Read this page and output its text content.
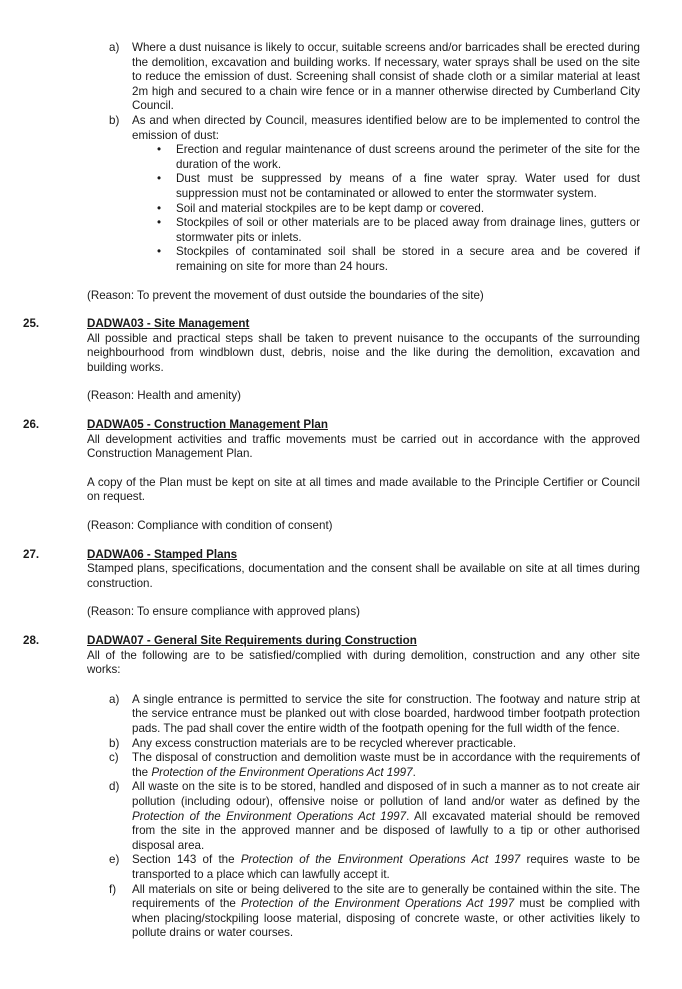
a) Where a dust nuisance is likely to occur, suitable screens and/or barricades shall be erected during the demolition, excavation and building works. If necessary, water sprays shall be used on the site to reduce the emission of dust. Screening shall consist of shade cloth or a similar material at least 2m high and secured to a chain wire fence or in a manner otherwise directed by Cumberland City Council.
b) As and when directed by Council, measures identified below are to be implemented to control the emission of dust:
• Erection and regular maintenance of dust screens around the perimeter of the site for the duration of the work.
• Dust must be suppressed by means of a fine water spray. Water used for dust suppression must not be contaminated or allowed to enter the stormwater system.
• Soil and material stockpiles are to be kept damp or covered.
• Stockpiles of soil or other materials are to be placed away from drainage lines, gutters or stormwater pits or inlets.
• Stockpiles of contaminated soil shall be stored in a secure area and be covered if remaining on site for more than 24 hours.
(Reason: To prevent the movement of dust outside the boundaries of the site)
25.	DADWA03 - Site Management
All possible and practical steps shall be taken to prevent nuisance to the occupants of the surrounding neighbourhood from windblown dust, debris, noise and the like during the demolition, excavation and building works.
(Reason: Health and amenity)
26.	DADWA05 - Construction Management Plan
All development activities and traffic movements must be carried out in accordance with the approved Construction Management Plan.
A copy of the Plan must be kept on site at all times and made available to the Principle Certifier or Council on request.
(Reason: Compliance with condition of consent)
27.	DADWA06 - Stamped Plans
Stamped plans, specifications, documentation and the consent shall be available on site at all times during construction.
(Reason: To ensure compliance with approved plans)
28.	DADWA07 - General Site Requirements during Construction
All of the following are to be satisfied/complied with during demolition, construction and any other site works:
a) A single entrance is permitted to service the site for construction. The footway and nature strip at the service entrance must be planked out with close boarded, hardwood timber footpath protection pads. The pad shall cover the entire width of the footpath opening for the full width of the fence.
b) Any excess construction materials are to be recycled wherever practicable.
c) The disposal of construction and demolition waste must be in accordance with the requirements of the Protection of the Environment Operations Act 1997.
d) All waste on the site is to be stored, handled and disposed of in such a manner as to not create air pollution (including odour), offensive noise or pollution of land and/or water as defined by the Protection of the Environment Operations Act 1997. All excavated material should be removed from the site in the approved manner and be disposed of lawfully to a tip or other authorised disposal area.
e) Section 143 of the Protection of the Environment Operations Act 1997 requires waste to be transported to a place which can lawfully accept it.
f) All materials on site or being delivered to the site are to generally be contained within the site. The requirements of the Protection of the Environment Operations Act 1997 must be complied with when placing/stockpiling loose material, disposing of concrete waste, or other activities likely to pollute drains or water courses.
